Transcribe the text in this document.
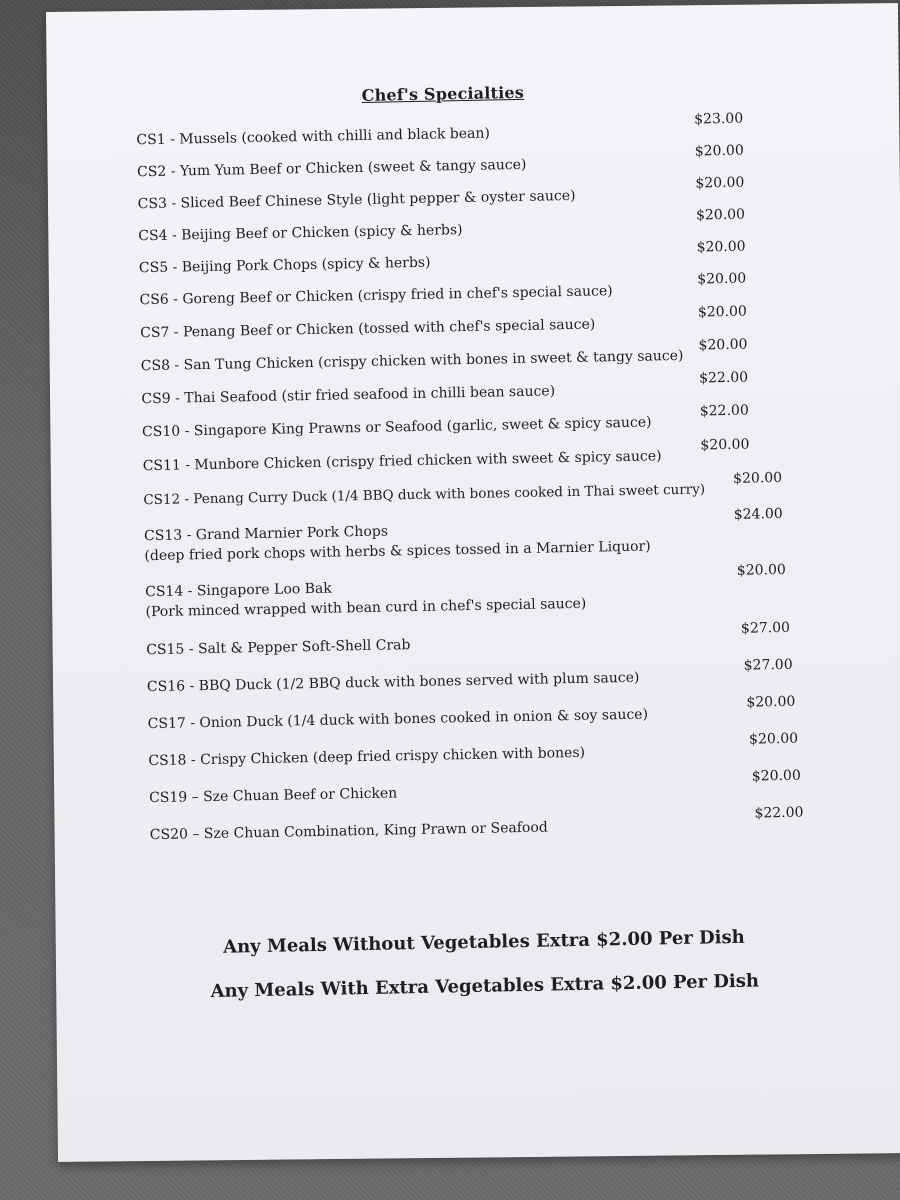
Chef's Specialties
CS1 - Mussels (cooked with chilli and black bean)
$23.00
CS2 - Yum Yum Beef or Chicken (sweet & tangy sauce)
$20.00
CS3 - Sliced Beef Chinese Style (light pepper & oyster sauce)
$20.00
CS4 - Beijing Beef or Chicken (spicy & herbs)
$20.00
CS5 - Beijing Pork Chops (spicy & herbs)
$20.00
CS6 - Goreng Beef or Chicken (crispy fried in chef's special sauce)
$20.00
CS7 - Penang Beef or Chicken (tossed with chef's special sauce)
$20.00
CS8 - San Tung Chicken (crispy chicken with bones in sweet & tangy sauce)
$20.00
CS9 - Thai Seafood (stir fried seafood in chilli bean sauce)
$22.00
CS10 - Singapore King Prawns or Seafood (garlic, sweet & spicy sauce)
$22.00
CS11 - Munbore Chicken (crispy fried chicken with sweet & spicy sauce)
$20.00
CS12 - Penang Curry Duck (1/4 BBQ duck with bones cooked in Thai sweet curry)
$20.00
CS13 - Grand Marnier Pork Chops
(deep fried pork chops with herbs & spices tossed in a Marnier Liquor)
$24.00
CS14 - Singapore Loo Bak
(Pork minced wrapped with bean curd in chef's special sauce)
$20.00
CS15 - Salt & Pepper Soft-Shell Crab
$27.00
CS16 - BBQ Duck (1/2 BBQ duck with bones served with plum sauce)
$27.00
CS17 - Onion Duck (1/4 duck with bones cooked in onion & soy sauce)
$20.00
CS18 - Crispy Chicken (deep fried crispy chicken with bones)
$20.00
CS19 – Sze Chuan Beef or Chicken
$20.00
CS20 – Sze Chuan Combination, King Prawn or Seafood
$22.00
Any Meals Without Vegetables Extra $2.00 Per Dish
Any Meals With Extra Vegetables Extra $2.00 Per Dish
